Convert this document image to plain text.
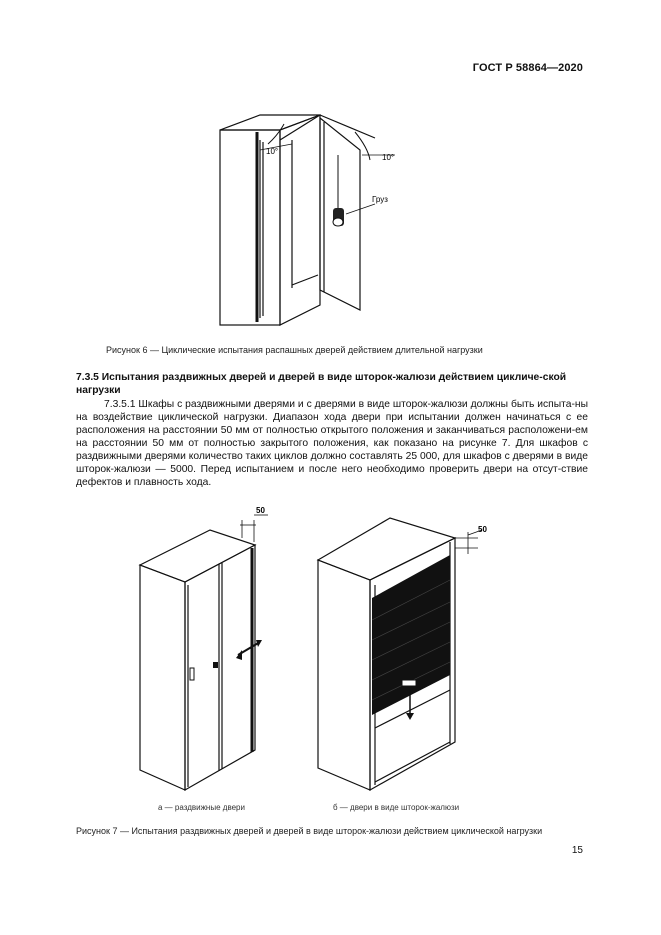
ГОСТ Р 58864—2020
Груз
10°
10°
Рисунок 6 — Циклические испытания распашных дверей действием длительной нагрузки
7.3.5 Испытания раздвижных дверей и дверей в виде шторок-жалюзи действием цикличе-ской нагрузки

7.3.5.1 Шкафы с раздвижными дверями и с дверями в виде шторок-жалюзи должны быть испыта-ны на воздействие циклической нагрузки. Диапазон хода двери при испытании должен начинаться с ее расположения на расстоянии 50 мм от полностью открытого положения и заканчиваться расположени-ем на расстоянии 50 мм от полностью закрытого положения, как показано на рисунке 7. Для шкафов с раздвижными дверями количество таких циклов должно составлять 25 000, для шкафов с дверями в виде шторок-жалюзи — 5000. Перед испытанием и после него необходимо проверить двери на отсут-ствие дефектов и плавность хода.

50
50
а — раздвижные двери	б — двери в виде шторок-жалюзи
Рисунок 7 — Испытания раздвижных дверей и дверей в виде шторок-жалюзи действием циклической нагрузки
15
